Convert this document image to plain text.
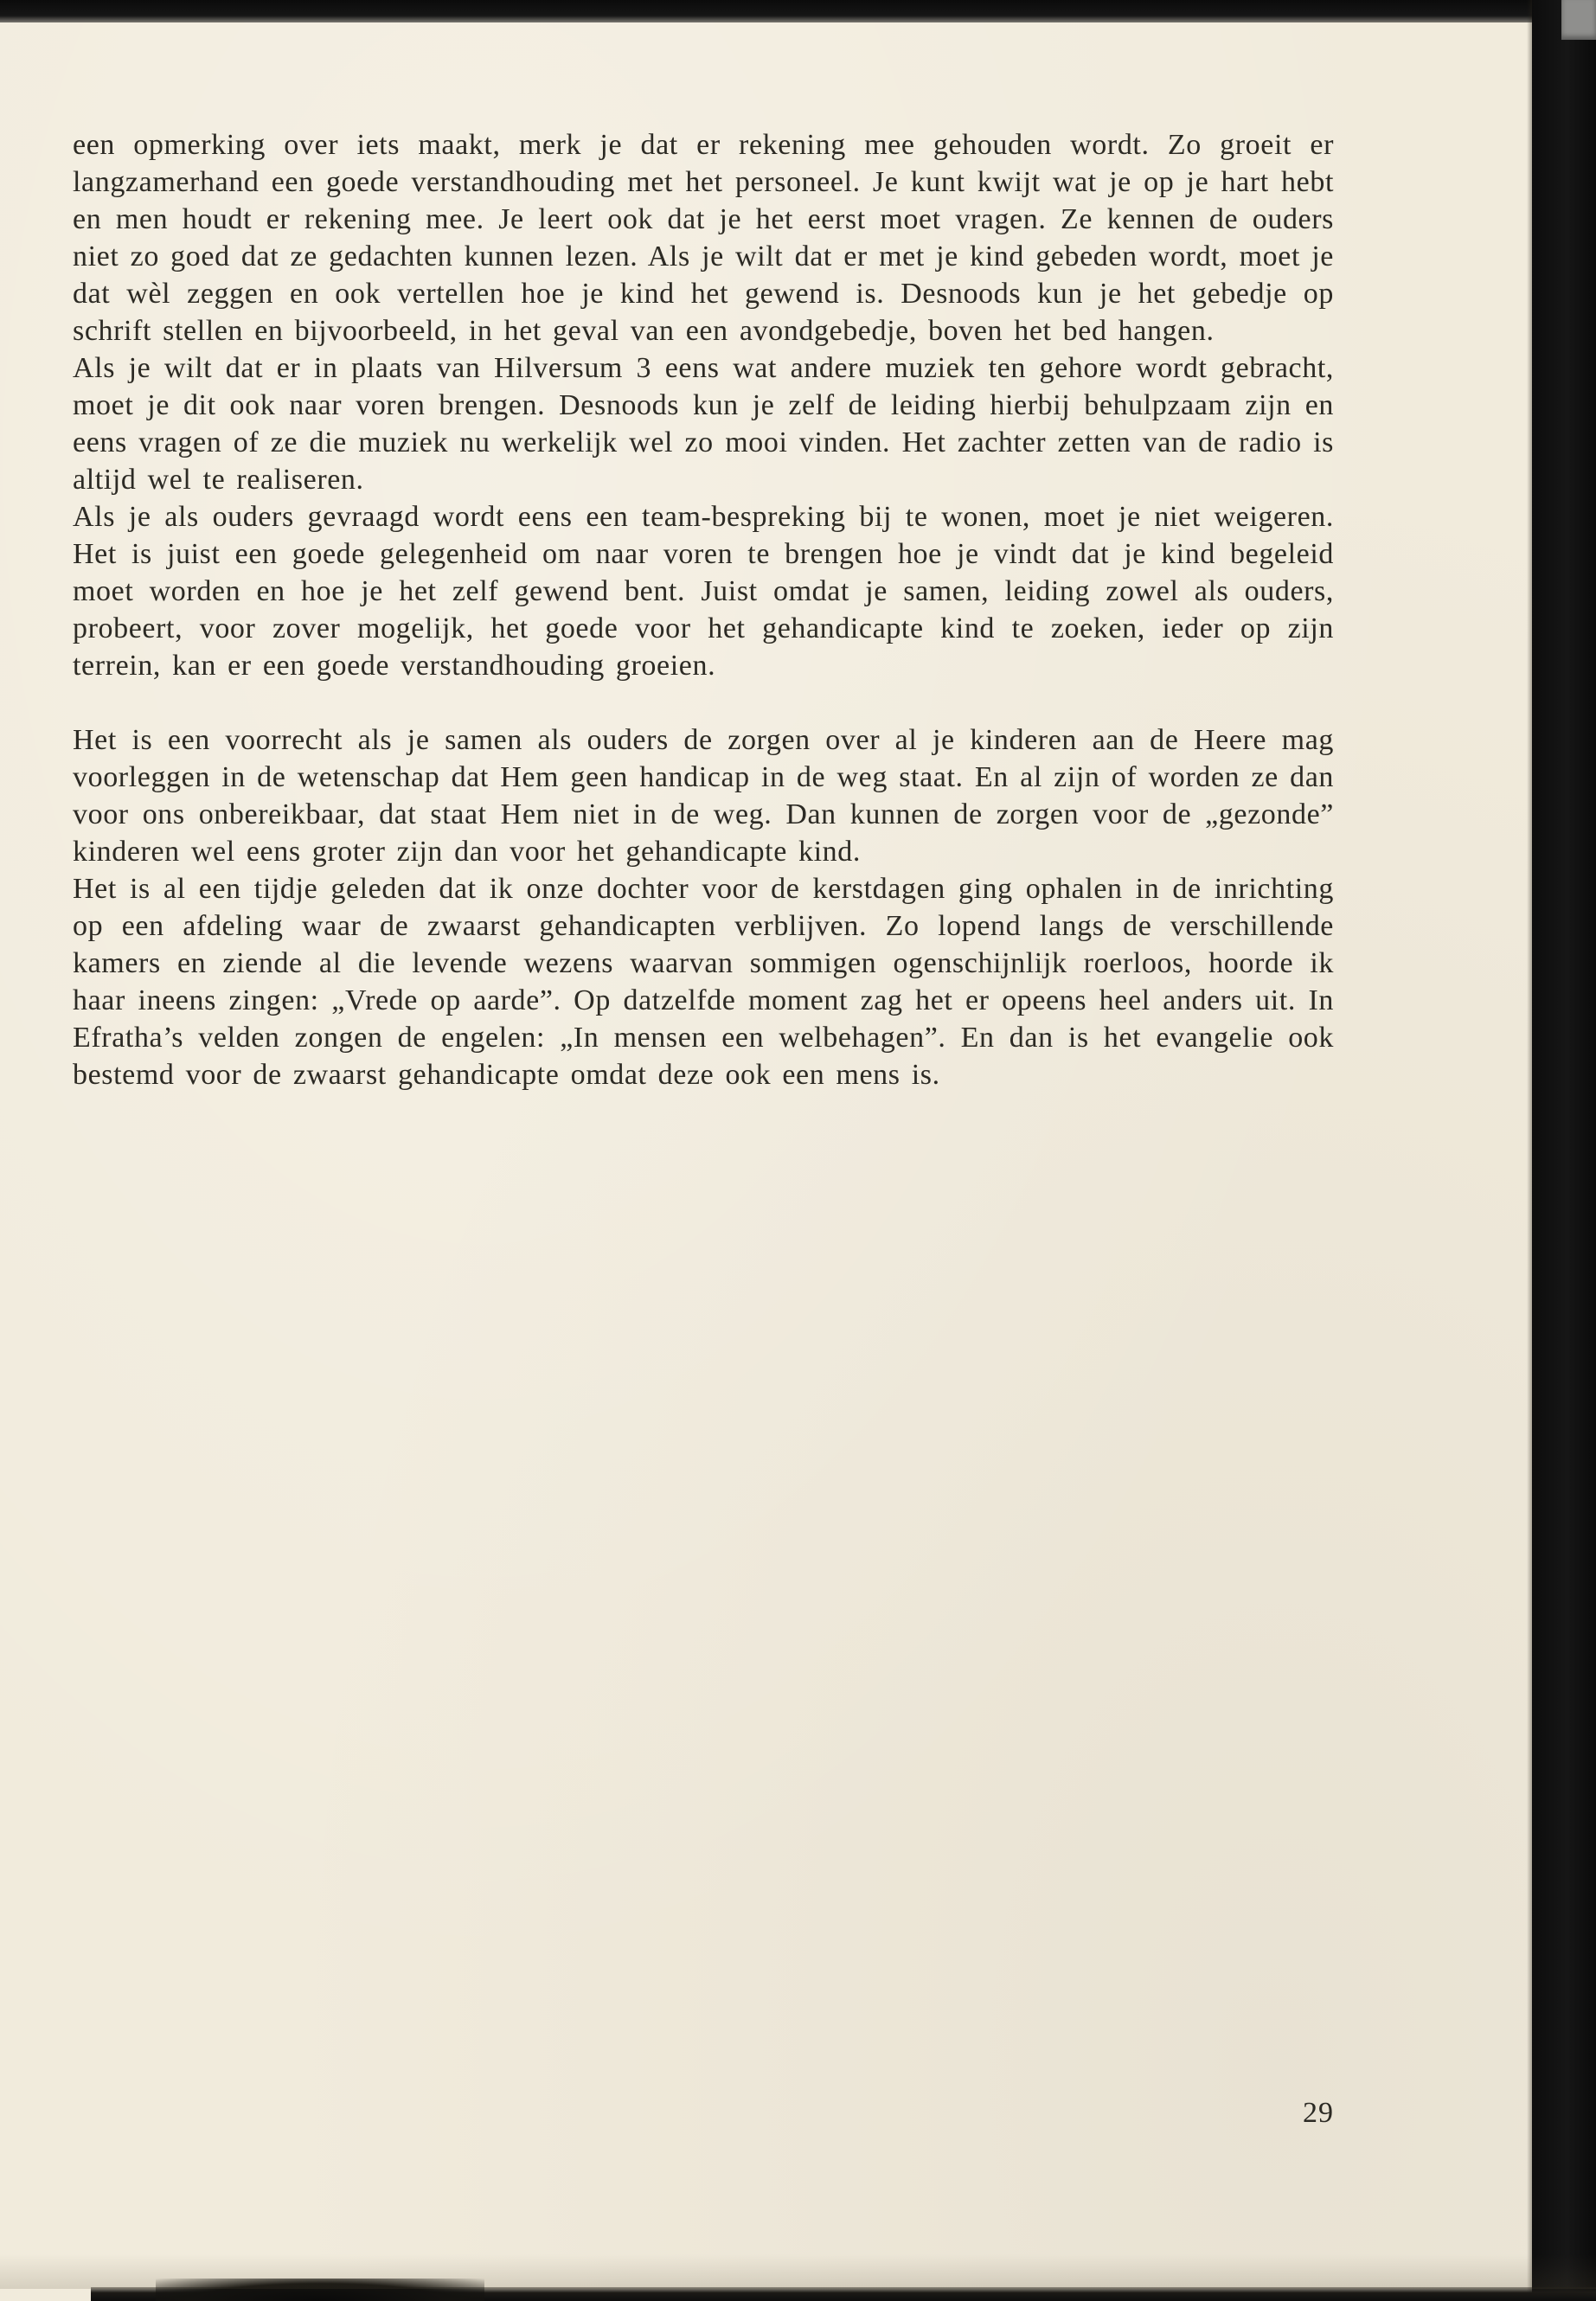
een opmerking over iets maakt, merk je dat er rekening mee gehouden wordt. Zo groeit er langzamerhand een goede verstandhouding met het personeel. Je kunt kwijt wat je op je hart hebt en men houdt er rekening mee. Je leert ook dat je het eerst moet vragen. Ze kennen de ouders niet zo goed dat ze gedachten kunnen lezen. Als je wilt dat er met je kind gebeden wordt, moet je dat wèl zeggen en ook vertellen hoe je kind het gewend is. Desnoods kun je het gebedje op schrift stellen en bijvoorbeeld, in het geval van een avondgebedje, boven het bed hangen.

Als je wilt dat er in plaats van Hilversum 3 eens wat andere muziek ten gehore wordt gebracht, moet je dit ook naar voren brengen. Desnoods kun je zelf de leiding hierbij behulpzaam zijn en eens vragen of ze die muziek nu werkelijk wel zo mooi vinden. Het zachter zetten van de radio is altijd wel te realiseren.

Als je als ouders gevraagd wordt eens een team-bespreking bij te wonen, moet je niet weigeren. Het is juist een goede gelegenheid om naar voren te brengen hoe je vindt dat je kind begeleid moet worden en hoe je het zelf gewend bent. Juist omdat je samen, leiding zowel als ouders, probeert, voor zover mogelijk, het goede voor het gehandicapte kind te zoeken, ieder op zijn terrein, kan er een goede verstandhouding groeien.

Het is een voorrecht als je samen als ouders de zorgen over al je kinderen aan de Heere mag voorleggen in de wetenschap dat Hem geen handicap in de weg staat. En al zijn of worden ze dan voor ons onbereikbaar, dat staat Hem niet in de weg. Dan kunnen de zorgen voor de „gezonde” kinderen wel eens groter zijn dan voor het gehandicapte kind.

Het is al een tijdje geleden dat ik onze dochter voor de kerstdagen ging ophalen in de inrichting op een afdeling waar de zwaarst gehandicapten verblijven. Zo lopend langs de verschillende kamers en ziende al die levende wezens waarvan sommigen ogenschijnlijk roerloos, hoorde ik haar ineens zingen: „Vrede op aarde”. Op datzelfde moment zag het er opeens heel anders uit. In Efratha’s velden zongen de engelen: „In mensen een welbehagen”. En dan is het evangelie ook bestemd voor de zwaarst gehandicapte omdat deze ook een mens is.

29
